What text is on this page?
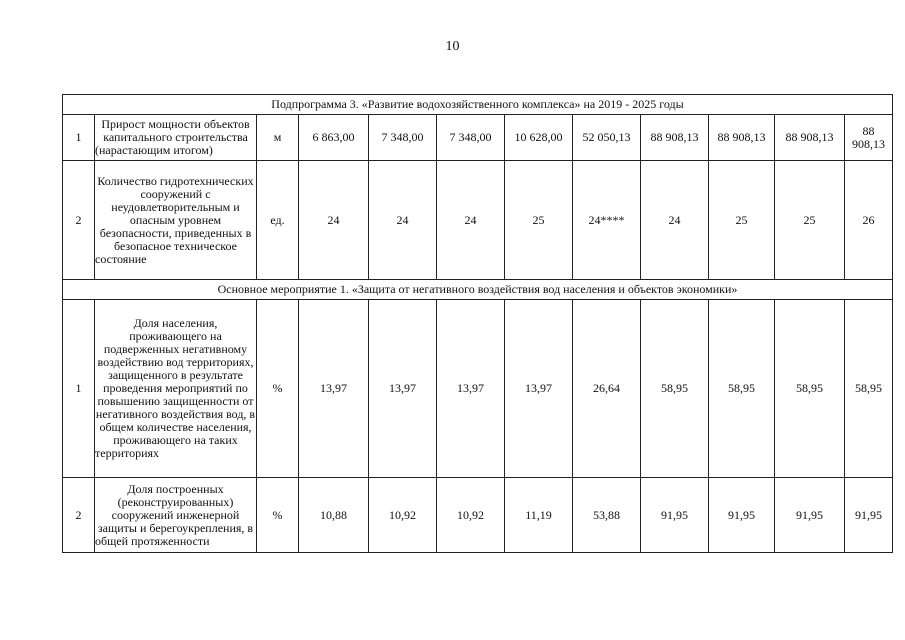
10
Подпрограмма 3. «Развитие водохозяйственного комплекса» на 2019 - 2025 годы											
1	Прирост мощности объектов капитального строительства (нарастающим итогом)	м	6 863,00	7 348,00	7 348,00	10 628,00	52 050,13	88 908,13	88 908,13	88 908,13	88 908,13
2	Количество гидротехнических сооружений с неудовлетворительным и опасным уровнем безопасности, приведенных в безопасное техническое состояние	ед.	24	24	24	25	24****	24	25	25	26
Основное мероприятие 1. «Защита от негативного воздействия вод населения и объектов экономики»											
1	Доля населения, проживающего на подверженных негативному воздействию вод территориях, защищенного в результате проведения мероприятий по повышению защищенности от негативного воздействия вод, в общем количестве населения, проживающего на таких территориях	%	13,97	13,97	13,97	13,97	26,64	58,95	58,95	58,95	58,95
2	Доля построенных (реконструированных) сооружений инженерной защиты и берегоукрепления, в общей протяженности	%	10,88	10,92	10,92	11,19	53,88	91,95	91,95	91,95	91,95
